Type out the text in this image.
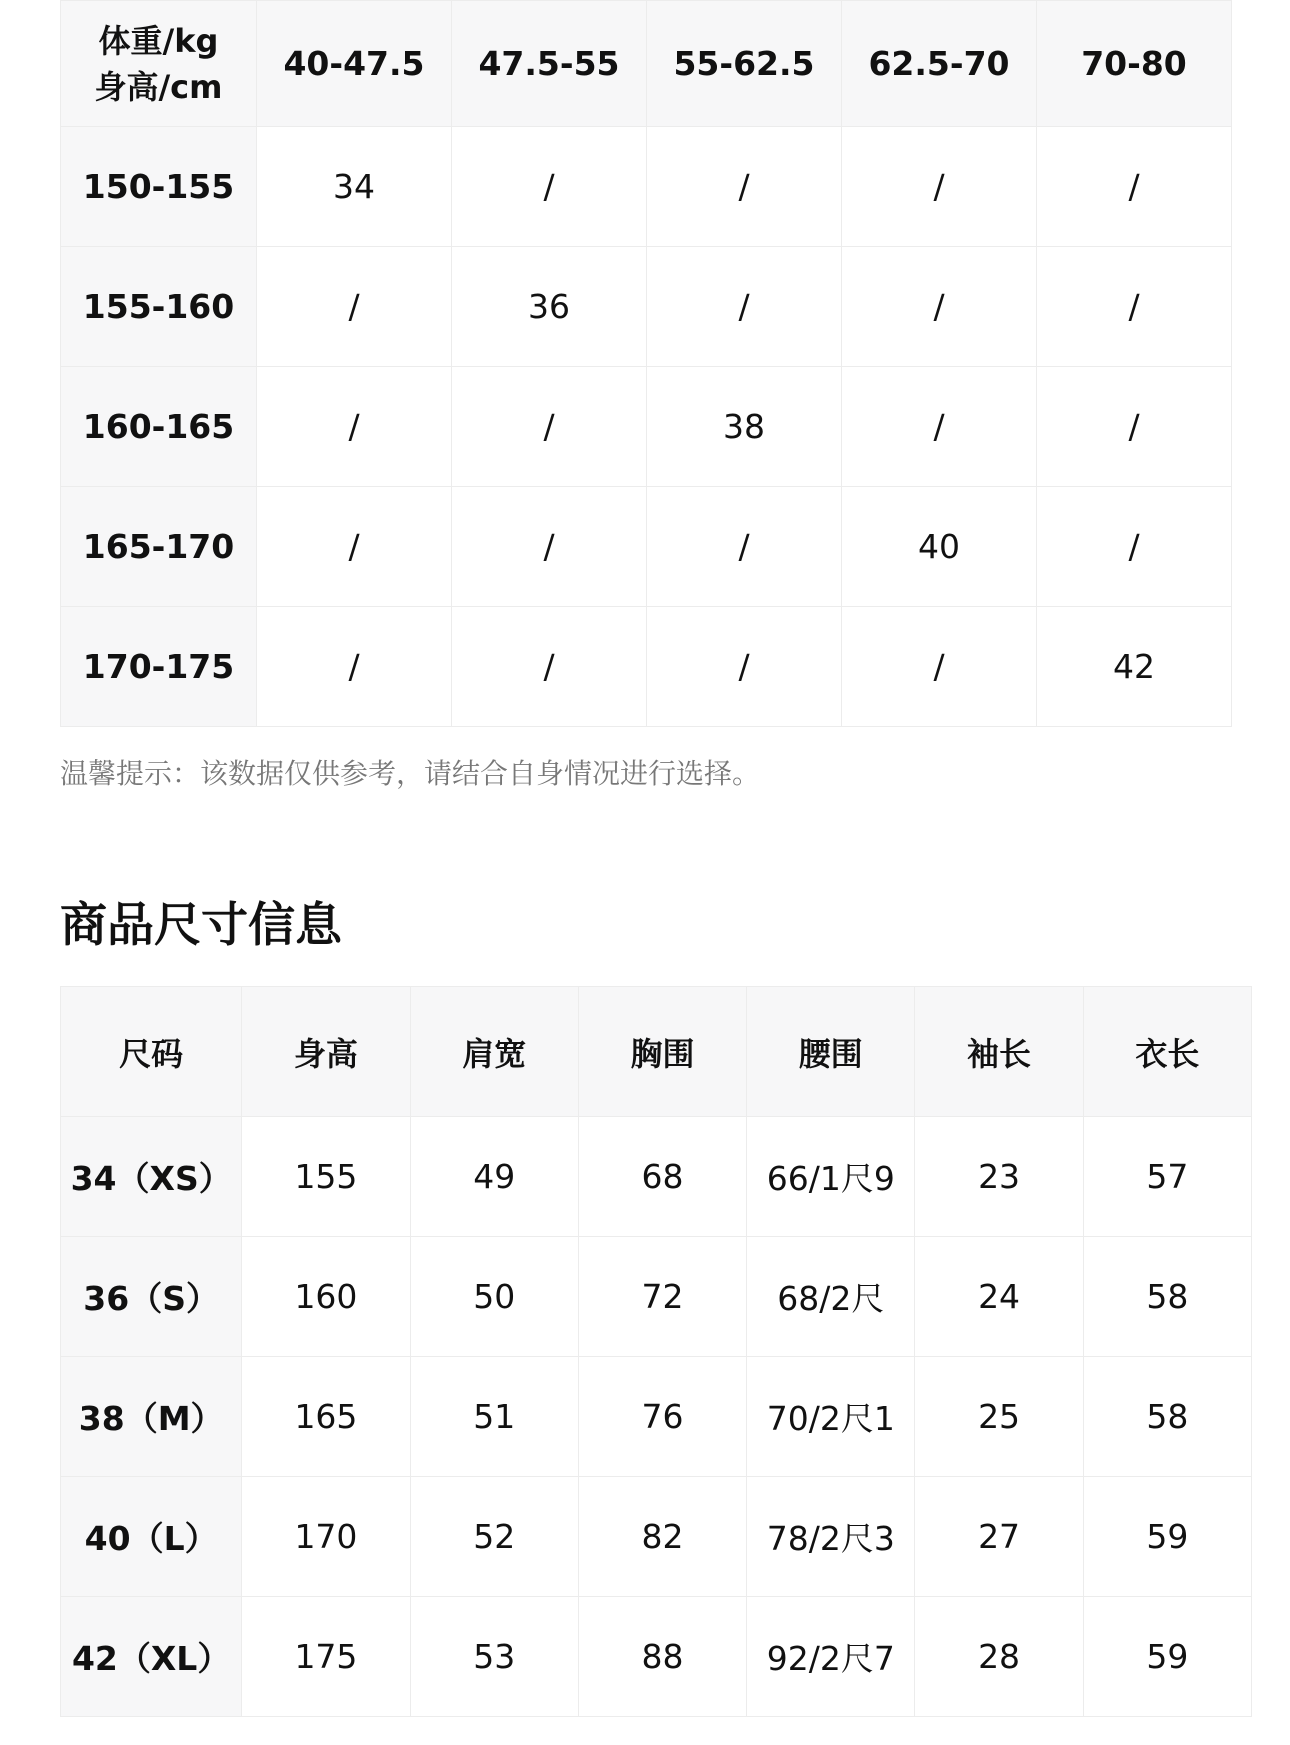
体重/kg
身高/cm	40-47.5	47.5-55	55-62.5	62.5-70	70-80
150-155	34	/	/	/	/
155-160	/	36	/	/	/
160-165	/	/	38	/	/
165-170	/	/	/	40	/
170-175	/	/	/	/	42
温馨提示：该数据仅供参考，请结合自身情况进行选择。
商品尺寸信息
尺码	身高	肩宽	胸围	腰围	袖长	衣长
34（XS）	155	49	68	66/1尺9	23	57
36（S）	160	50	72	68/2尺	24	58
38（M）	165	51	76	70/2尺1	25	58
40（L）	170	52	82	78/2尺3	27	59
42（XL）	175	53	88	92/2尺7	28	59
